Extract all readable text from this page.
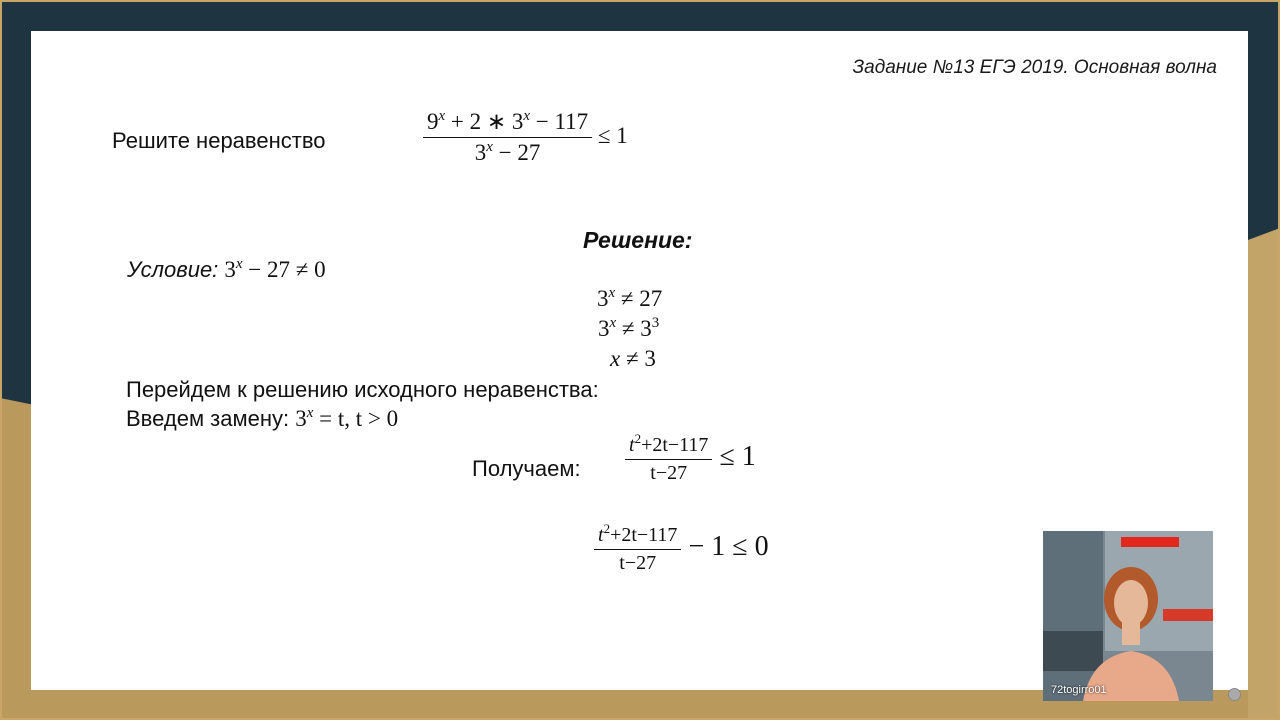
Задание №13 ЕГЭ 2019. Основная волна
Решите неравенство	$\frac{9^x + 2 ∗ 3^x - 117}{3^x - 27} \le 1$
Решение:
Условие: $3^x - 27 \ne 0$
$3^x \ne 27$
$3^x \ne 3^3$
x ≠ 3
Перейдем к решению исходного неравенства:
Введем замену: $3^x = t$, t > 0
Получаем: $\frac{t^2+2t-117}{t-27} \le 1$
$\frac{t^2+2t-117}{t-27} - 1 \le 0$
72togirro01
